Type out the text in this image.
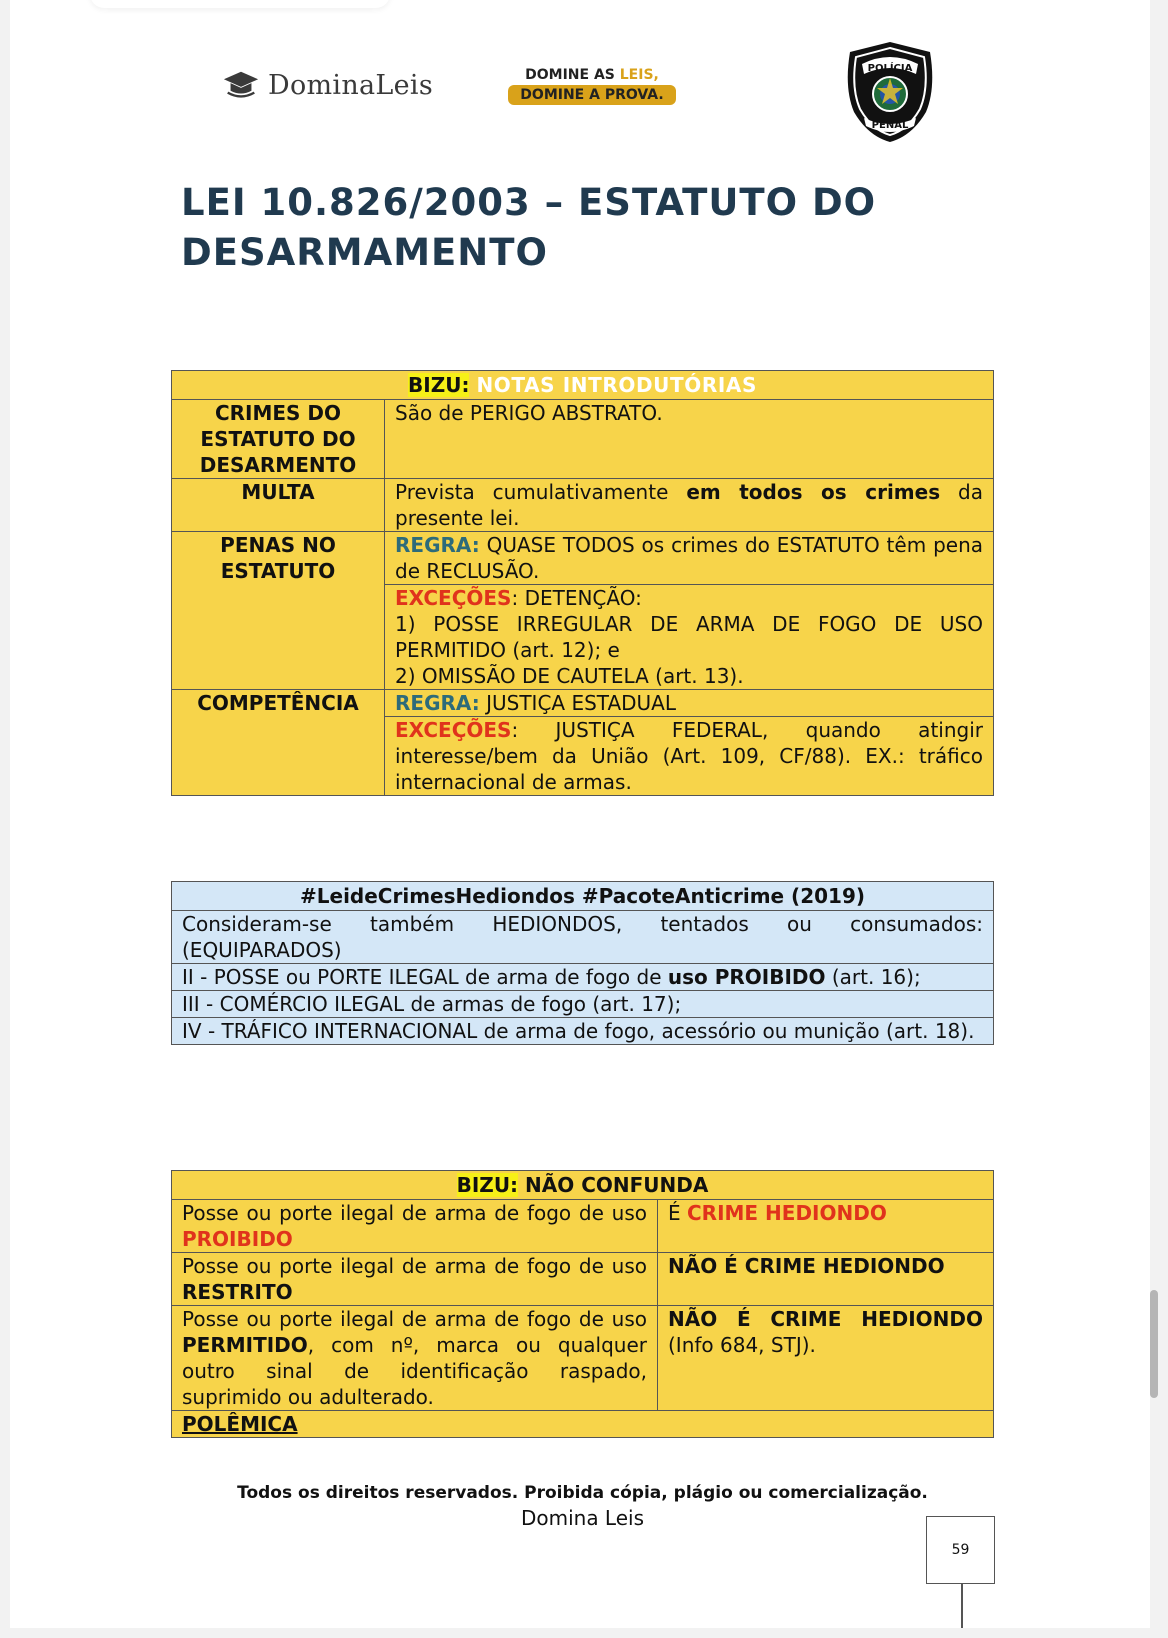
DominaLeis	DOMINE AS LEIS,
DOMINE A PROVA.
POLÍCIA
PENAL
LEI 10.826/2003 – ESTATUTO DO
DESARMAMENTO
BIZU: NOTAS INTRODUTÓRIAS	
CRIMES DO ESTATUTO DO DESARMENTO	São de PERIGO ABSTRATO.
MULTA	Prevista cumulativamente em todos os crimes da presente lei.
PENAS NO ESTATUTO	REGRA: QUASE TODOS os crimes do ESTATUTO têm pena de RECLUSÃO.
	EXCEÇÕES: DETENÇÃO:
1) POSSE IRREGULAR DE ARMA DE FOGO DE USO PERMITIDO (art. 12); e
2) OMISSÃO DE CAUTELA (art. 13).
COMPETÊNCIA	REGRA: JUSTIÇA ESTADUAL
	EXCEÇÕES: JUSTIÇA FEDERAL, quando atingir interesse/bem da União (Art. 109, CF/88). EX.: tráfico internacional de armas.
#LeideCrimesHediondos #PacoteAnticrime (2019)
Consideram-se também HEDIONDOS, tentados ou consumados: (EQUIPARADOS)
II - POSSE ou PORTE ILEGAL de arma de fogo de uso PROIBIDO (art. 16);
III - COMÉRCIO ILEGAL de armas de fogo (art. 17);
IV - TRÁFICO INTERNACIONAL de arma de fogo, acessório ou munição (art. 18).
BIZU: NÃO CONFUNDA	
Posse ou porte ilegal de arma de fogo de uso PROIBIDO	É CRIME HEDIONDO
Posse ou porte ilegal de arma de fogo de uso RESTRITO	NÃO É CRIME HEDIONDO
Posse ou porte ilegal de arma de fogo de uso PERMITIDO, com nº, marca ou qualquer outro sinal de identificação raspado, suprimido ou adulterado.	NÃO É CRIME HEDIONDO (Info 684, STJ).
POLÊMICA	
Todos os direitos reservados. Proibida cópia, plágio ou comercialização.
Domina Leis
59
